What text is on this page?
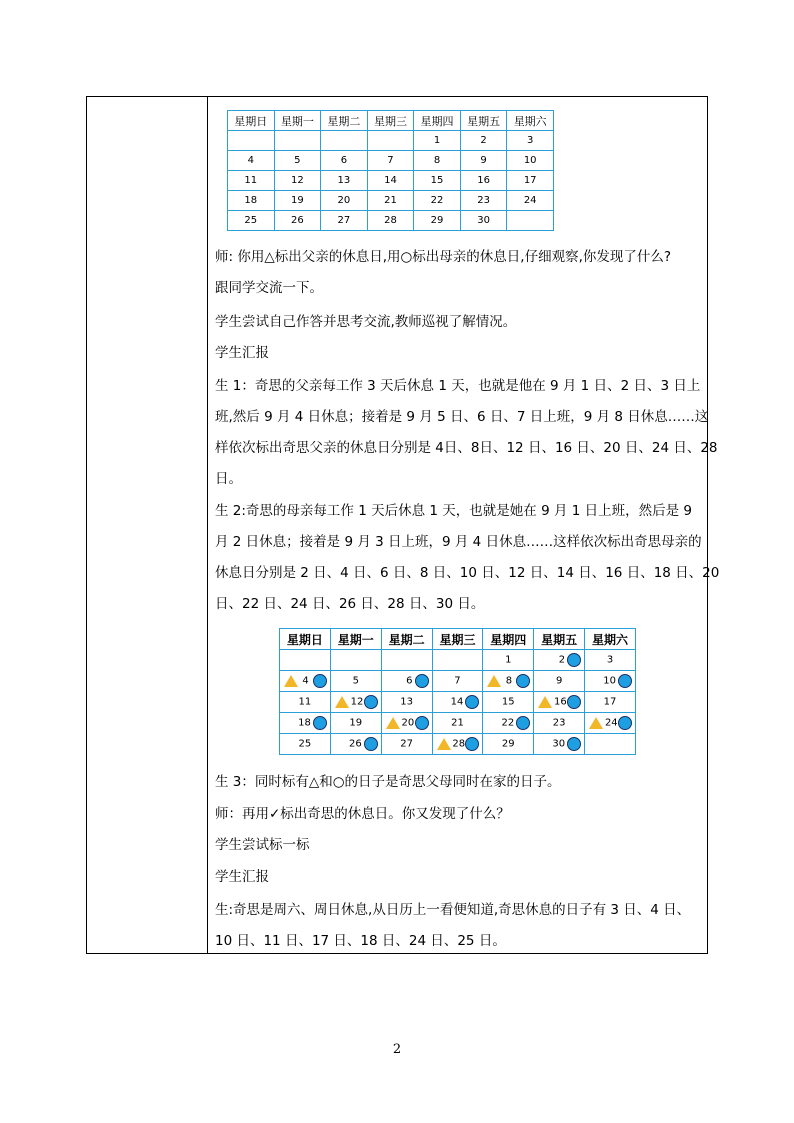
星期日	星期一	星期二	星期三	星期四	星期五	星期六
				1	2	3
4	5	6	7	8	9	10
11	12	13	14	15	16	17
18	19	20	21	22	23	24
25	26	27	28	29	30	

师: 你用△标出父亲的休息日,用○标出母亲的休息日,仔细观察,你发现了什么?

跟同学交流一下。

学生尝试自己作答并思考交流,教师巡视了解情况。

学生汇报

生 1：奇思的父亲每工作 3 天后休息 1 天，也就是他在 9 月 1 日、2 日、3 日上

班,然后 9 月 4 日休息；接着是 9 月 5 日、6 日、7 日上班，9 月 8 日休息……这

样依次标出奇思父亲的休息日分别是 4日、8日、12 日、16 日、20 日、24 日、28

日。

生 2:奇思的母亲每工作 1 天后休息 1 天，也就是她在 9 月 1 日上班，然后是 9

月 2 日休息；接着是 9 月 3 日上班，9 月 4 日休息……这样依次标出奇思母亲的

休息日分别是 2 日、4 日、6 日、8 日、10 日、12 日、14 日、16 日、18 日、20

日、22 日、24 日、26 日、28 日、30 日。

星期日	星期一	星期二	星期三	星期四	星期五	星期六

				1	2	3

4	5	6	7	8	9	10

11	12	13	14	15	16	17

18	19	20	21	22	23	24

25	26	27	28	29	30	

生 3：同时标有△和○的日子是奇思父母同时在家的日子。

师：再用✓标出奇思的休息日。你又发现了什么？

学生尝试标一标

学生汇报

生:奇思是周六、周日休息,从日历上一看便知道,奇思休息的日子有 3 日、4 日、

10 日、11 日、17 日、18 日、24 日、25 日。

2
